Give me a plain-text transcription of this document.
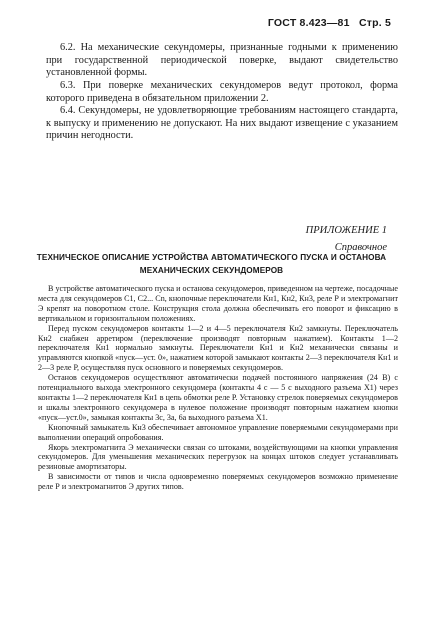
ГОСТ 8.423—81 Стр. 5

6.2. На механические секундомеры, признанные годными к применению при государственной периодической поверке, выдают свидетельство установленной формы.

6.3. При поверке механических секундомеров ведут протокол, форма которого приведена в обязательном приложении 2.

6.4. Секундомеры, не удовлетворяющие требованиям настоящего стандарта, к выпуску и применению не допускают. На них выдают извещение с указанием причин негодности.

ПРИЛОЖЕНИЕ 1
Справочное
ТЕХНИЧЕСКОЕ ОПИСАНИЕ УСТРОЙСТВА АВТОМАТИЧЕСКОГО ПУСКА И ОСТАНОВА МЕХАНИЧЕСКИХ СЕКУНДОМЕРОВ

В устройстве автоматического пуска и останова секундомеров, приведенном на чертеже, посадочные места для секундомеров С1, С2... Сn, кнопочные переключатели Кн1, Кн2, Кн3, реле Р и электромагнит Э крепят на поворотном столе. Конструкция стола должна обеспечивать его поворот и фиксацию в вертикальном и горизонтальном положениях.

Перед пуском секундомеров контакты 1—2 и 4—5 переключателя Кн2 замкнуты. Переключатель Кн2 снабжен арретиром (переключение производят повторным нажатием). Контакты 1—2 переключателя Кн1 нормально замкнуты. Переключатели Кн1 и Кн2 механически связаны и управляются кнопкой «пуск—уст. 0», нажатием которой замыкают контакты 2—3 переключателя Кн1 и 2—3 реле Р, осуществляя пуск основного и поверяемых секундомеров.

Останов секундомеров осуществляют автоматически подачей постоянного напряжения (24 В) с потенциального выхода электронного секундомера (контакты 4 с — 5 с выходного разъема Х1) через контакты 1—2 переключателя Кн1 в цепь обмотки реле Р. Установку стрелок поверяемых секундомеров и шкалы электронного секундомера в нулевое положение производят повторным нажатием кнопки «пуск—уст.0», замыкая контакты 3с, 3а, 6а выходного разъема Х1.

Кнопочный замыкатель Кн3 обеспечивает автономное управление поверяемыми секундомерами при выполнении операций опробования.

Якорь электромагнита Э механически связан со штоками, воздействующими на кнопки управления секундомеров. Для уменьшения механических перегрузок на концах штоков следует устанавливать резиновые амортизаторы.

В зависимости от типов и числа одновременно поверяемых секундомеров возможно применение реле Р и электромагнитов Э других типов.
